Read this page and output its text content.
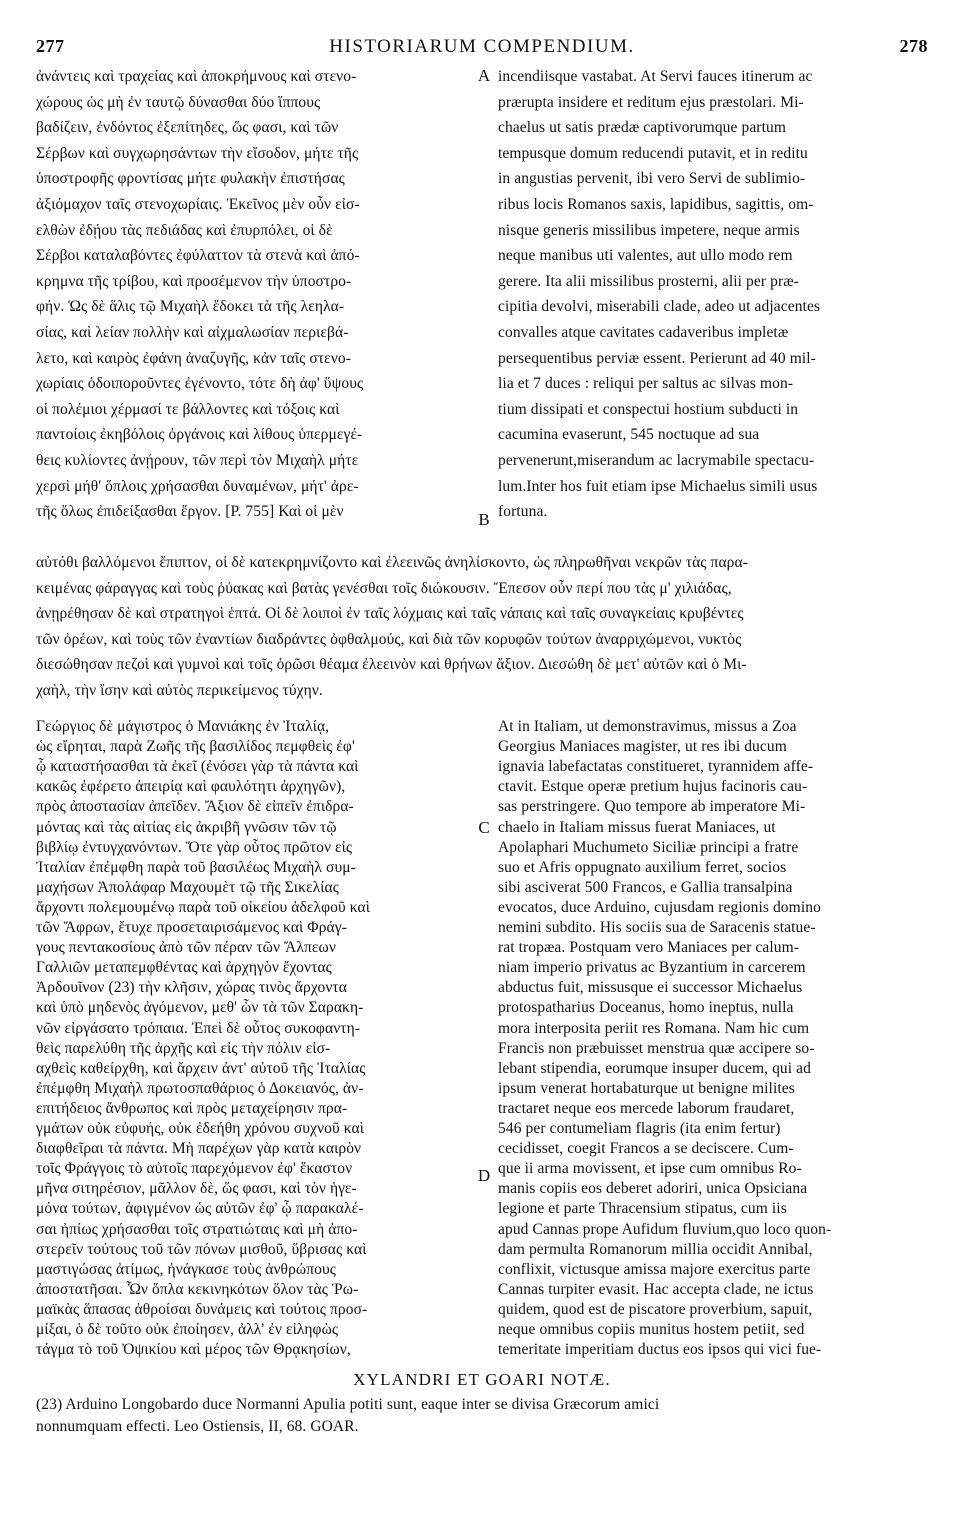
277	HISTORIARUM COMPENDIUM.	278
ἀνάντεις καὶ τραχείας καὶ ἀποκρήμνους καὶ στενο-
χώρους ὡς μὴ ἐν ταυτῷ δύνασθαι δύο ἵππους
βαδίζειν, ἐνδόντος ἐξεπίτηδες, ὥς φασι, καὶ τῶν
Σέρβων καὶ συγχωρησάντων τὴν εἴσοδον, μήτε τῆς
ὑποστροφῆς φροντίσας μήτε φυλακὴν ἐπιστήσας
ἀξιόμαχον ταῖς στενοχωρίαις. Ἐκεῖνος μὲν οὖν εἰσ-
ελθὼν ἐδῄου τὰς πεδιάδας καὶ ἐπυρπόλει, οἱ δὲ
Σέρβοι καταλαβόντες ἐφύλαττον τὰ στενὰ καὶ ἀπό-
κρημνα τῆς τρίβου, καὶ προσέμενον τὴν ὑποστρο-
φήν. Ὡς δὲ ἅλις τῷ Μιχαὴλ ἔδοκει τὰ τῆς λεηλα-
σίας, καὶ λείαν πολλὴν καὶ αἰχμαλωσίαν περιεβά-
λετο, καὶ καιρὸς ἐφάνη ἀναζυγῆς, κἀν ταῖς στενο-
χωρίαις ὁδοιποροῦντες ἐγένοντο, τότε δὴ ἀφ' ὕψους
οἱ πολέμιοι χέρμασί τε βάλλοντες καὶ τόξοις καὶ
παντοίοις ἐκηβόλοις ὀργάνοις καὶ λίθους ὑπερμεγέ-
θεις κυλίοντες ἀνῄρουν, τῶν περὶ τὸν Μιχαὴλ μήτε
χερσὶ μήθ' ὅπλοις χρήσασθαι δυναμένων, μήτ' ἀρε-
τῆς ὅλως ἐπιδείξασθαι ἔργον. [P. 755] Καὶ οἱ μὲν
incendiisque vastabat. At Servi fauces itinerum ac
prærupta insidere et reditum ejus præstolari. Mi-
chaelus ut satis prædæ captivorumque partum
tempusque domum reducendi putavit, et in reditu
in angustias pervenit, ibi vero Servi de sublimio-
ribus locis Romanos saxis, lapidibus, sagittis, om-
nisque generis missilibus impetere, neque armis
neque manibus uti valentes, aut ullo modo rem
gerere. Ita alii missilibus prosterni, alii per præ-
cipitia devolvi, miserabili clade, adeo ut adjacentes
convalles atque cavitates cadaveribus impletæ
persequentibus perviæ essent. Perierunt ad 40 mil-
lia et 7 duces : reliqui per saltus ac silvas mon-
tium dissipati et conspectui hostium subducti in
cacumina evaserunt, 545 noctuque ad sua
pervenerunt,miserandum ac lacrymabile spectacu-
lum.Inter hos fuit etiam ipse Michaelus simili usus
fortuna.
A
B
C
D
αὐτόθι βαλλόμενοι ἔπιπτον, οἱ δὲ κατεκρημνίζοντο καὶ ἐλεεινῶς ἀνηλίσκοντο, ὡς πληρωθῆναι νεκρῶν τὰς παρα-
κειμένας φάραγγας καὶ τοὺς ῥύακας καὶ βατὰς γενέσθαι τοῖς διώκουσιν. Ἔπεσον οὖν περί που τὰς μ' χιλιάδας,
ἀνῃρέθησαν δὲ καὶ στρατηγοὶ ἑπτά. Οἱ δὲ λοιποὶ ἐν ταῖς λόχμαις καὶ ταῖς νάπαις καὶ ταῖς συναγκείαις κρυβέντες
τῶν ὀρέων, καὶ τοὺς τῶν ἐναντίων διαδράντες ὀφθαλμούς, καὶ διὰ τῶν κορυφῶν τούτων ἀναρριχώμενοι, νυκτὸς
διεσώθησαν πεζοὶ καὶ γυμνοὶ καὶ τοῖς ὁρῶσι θέαμα ἐλεεινὸν καὶ θρήνων ἄξιον. Διεσώθη δὲ μετ' αὐτῶν καὶ ὁ Μι-
χαὴλ, τὴν ἴσην καὶ αὐτὸς περικείμενος τύχην.
Γεώργιος δὲ μάγιστρος ὁ Μανιάκης ἐν Ἰταλίᾳ,
ὡς εἴρηται, παρὰ Ζωῆς τῆς βασιλίδος πεμφθεὶς ἐφ'
ᾧ καταστήσασθαι τὰ ἐκεῖ (ἐνόσει γὰρ τὰ πάντα καὶ
κακῶς ἐφέρετο ἀπειρίᾳ καὶ φαυλότητι ἀρχηγῶν),
πρὸς ἀποστασίαν ἀπεῖδεν. Ἄξιον δὲ εἰπεῖν ἐπιδρα-
μόντας καὶ τὰς αἰτίας εἰς ἀκριβῆ γνῶσιν τῶν τῷ
βιβλίῳ ἐντυγχανόντων. Ὅτε γὰρ οὗτος πρῶτον εἰς
Ἰταλίαν ἐπέμφθη παρὰ τοῦ βασιλέως Μιχαὴλ συμ-
μαχήσων Ἀπολάφαρ Μαχουμὲτ τῷ τῆς Σικελίας
ἄρχοντι πολεμουμένῳ παρὰ τοῦ οἰκείου ἀδελφοῦ καὶ
τῶν Ἄφρων, ἔτυχε προσεταιρισάμενος καὶ Φράγ-
γους πεντακοσίους ἀπὸ τῶν πέραν τῶν Ἄλπεων
Γαλλιῶν μεταπεμφθέντας καὶ ἀρχηγὸν ἔχοντας
Ἀρδουῖνον (23) τὴν κλῆσιν, χώρας τινὸς ἄρχοντα
καὶ ὑπὸ μηδενὸς ἀγόμενον, μεθ' ὧν τὰ τῶν Σαρακη-
νῶν εἰργάσατο τρόπαια. Ἐπεὶ δὲ οὗτος συκοφαντη-
θεὶς παρελύθη τῆς ἀρχῆς καὶ εἰς τὴν πόλιν εἰσ-
αχθεὶς καθείρχθη, καὶ ἄρχειν ἀντ' αὐτοῦ τῆς Ἰταλίας
ἐπέμφθη Μιχαὴλ πρωτοσπαθάριος ὁ Δοκειανός, ἀν-
επιτήδειος ἄνθρωπος καὶ πρὸς μεταχείρησιν πρα-
γμάτων οὐκ εὐφυής, οὐκ ἐδεήθη χρόνου συχνοῦ καὶ
διαφθεῖραι τὰ πάντα. Μὴ παρέχων γὰρ κατὰ καιρὸν
τοῖς Φράγγοις τὸ αὐτοῖς παρεχόμενον ἐφ' ἕκαστον
μῆνα σιτηρέσιον, μᾶλλον δὲ, ὥς φασι, καὶ τὸν ἡγε-
μόνα τούτων, ἀφιγμένον ὡς αὐτῶν ἐφ' ᾧ παρακαλέ-
σαι ἠπίως χρήσασθαι τοῖς στρατιώταις καὶ μὴ ἀπο-
στερεῖν τούτους τοῦ τῶν πόνων μισθοῦ, ὕβρισας καὶ
μαστιγώσας ἀτίμως, ἠνάγκασε τοὺς ἀνθρώπους
ἀποστατῆσαι. Ὧν ὅπλα κεκινηκότων ὅλον τὰς Ῥω-
μαϊκὰς ἅπασας ἀθροίσαι δυνάμεις καὶ τούτοις προσ-
μίξαι, ὁ δὲ τοῦτο οὐκ ἐποίησεν, ἀλλ' ἐν εἰληφὼς
τάγμα τὸ τοῦ Ὀψικίου καὶ μέρος τῶν Θρᾳκησίων,
At in Italiam, ut demonstravimus, missus a Zoa
Georgius Maniaces magister, ut res ibi ducum
ignavia labefactatas constitueret, tyrannidem affe-
ctavit. Estque operæ pretium hujus facinoris cau-
sas perstringere. Quo tempore ab imperatore Mi-
chaelo in Italiam missus fuerat Maniaces, ut
Apolaphari Muchumeto Siciliæ principi a fratre
suo et Afris oppugnato auxilium ferret, socios
sibi asciverat 500 Francos, e Gallia transalpina
evocatos, duce Arduino, cujusdam regionis domino
nemini subdito. His sociis sua de Saracenis statue-
rat tropæa. Postquam vero Maniaces per calum-
niam imperio privatus ac Byzantium in carcerem
abductus fuit, missusque ei successor Michaelus
protospatharius Doceanus, homo ineptus, nulla
mora interposita periit res Romana. Nam hic cum
Francis non præbuisset menstrua quæ accipere so-
lebant stipendia, eorumque insuper ducem, qui ad
ipsum venerat hortabaturque ut benigne milites
tractaret neque eos mercede laborum fraudaret,
546 per contumeliam flagris (ita enim fertur)
cecidisset, coegit Francos a se deciscere. Cum-
que ii arma movissent, et ipse cum omnibus Ro-
manis copiis eos deberet adoriri, unica Opsiciana
legione et parte Thracensium stipatus, cum iis
apud Cannas prope Aufidum fluvium,quo loco quon-
dam permulta Romanorum millia occidit Annibal,
conflixit, victusque amissa majore exercitus parte
Cannas turpiter evasit. Hac accepta clade, ne ictus
quidem, quod est de piscatore proverbium, sapuit,
neque omnibus copiis munitus hostem petiit, sed
temeritate imperitiam ductus eos ipsos qui vici fue-
XYLANDRI ET GOARI NOTÆ.
(23) Arduino Longobardo duce Normanni Apulia potiti sunt, eaque inter se divisa Græcorum amici
nonnumquam effecti. Leo Ostiensis, II, 68. GOAR.
